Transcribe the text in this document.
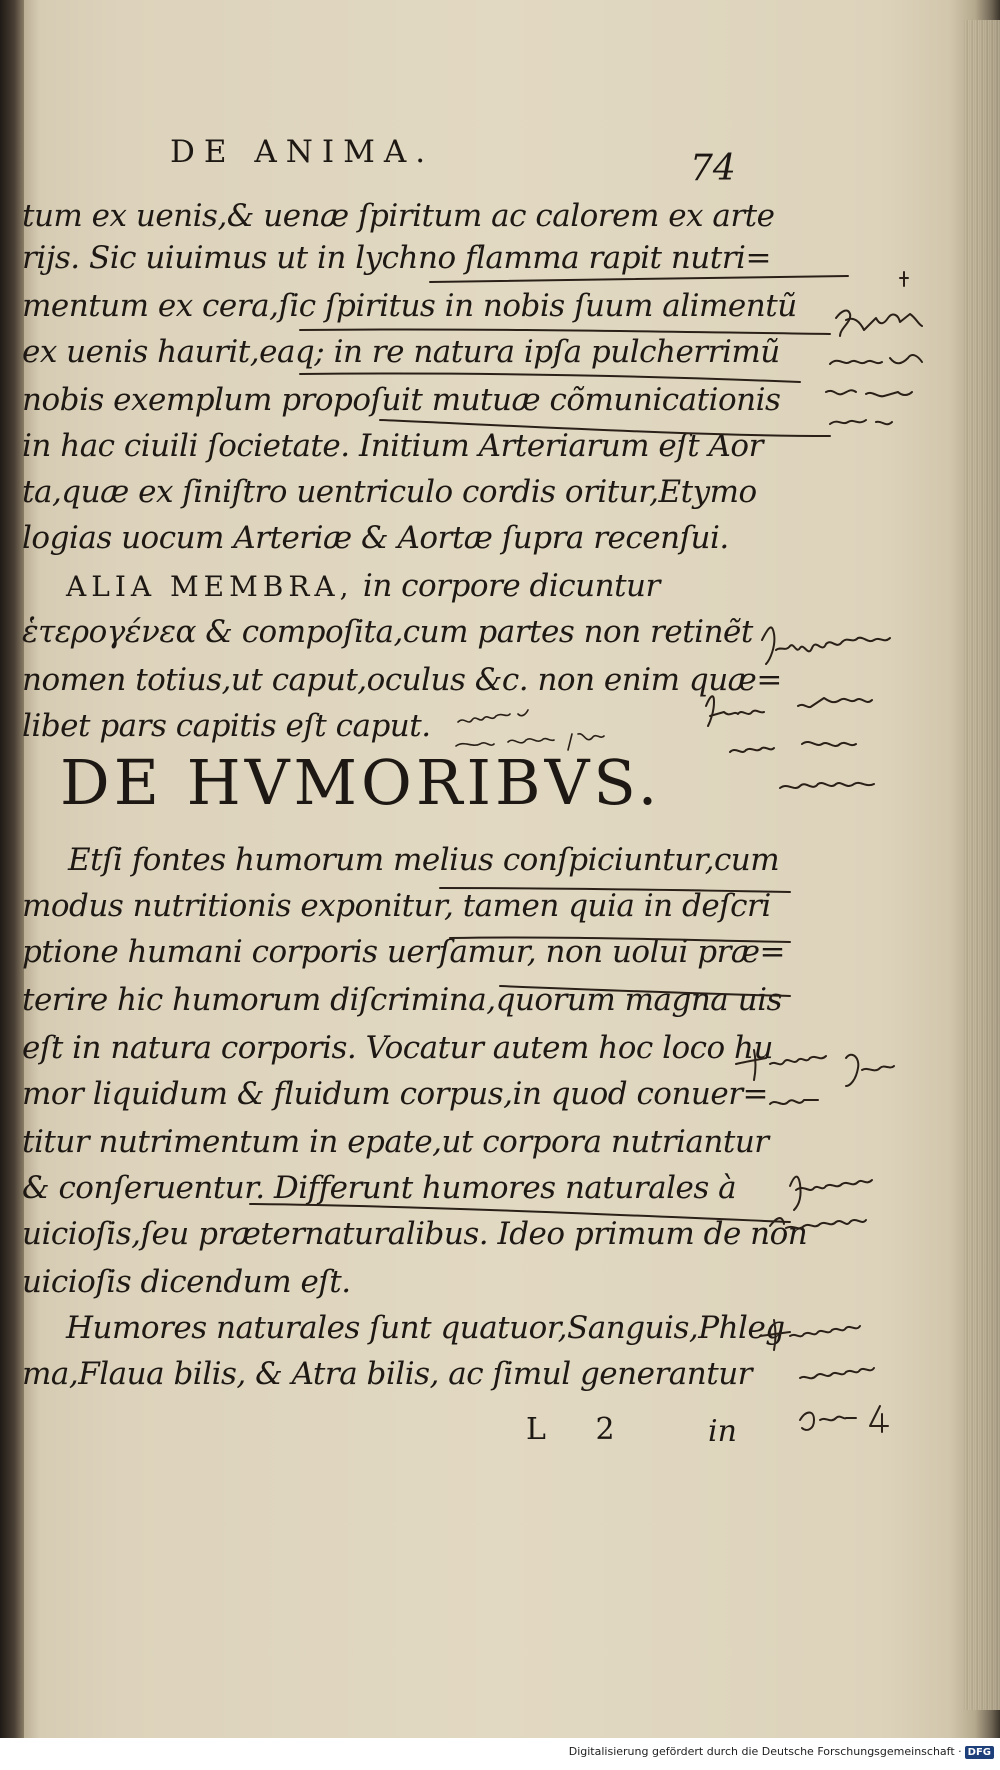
DE ANIMA.	74
tum ex uenis,& uenæ ſpiritum ac calorem ex arte
rijs. Sic uiuimus ut in lychno flamma rapit nutri=
mentum ex cera,ſic ſpiritus in nobis ſuum alimentũ
ex uenis haurit,eaq; in re natura ipſa pulcherrimũ
nobis exemplum propoſuit mutuæ cõmunicationis
in hac ciuili ſocietate. Initium Arteriarum eſt Aor
ta,quæ ex ſiniſtro uentriculo cordis oritur,Etymo
logias uocum Arteriæ & Aortæ ſupra recenſui.
ALIA MEMBRA, in corpore dicuntur
ἑτερογένεα & compoſita,cum partes non retinẽt
nomen totius,ut caput,oculus &c. non enim quæ=
libet pars capitis eſt caput.
DE HVMORIBVS.
Etſi fontes humorum melius conſpiciuntur,cum
modus nutritionis exponitur, tamen quia in deſcri
ptione humani corporis uerſamur, non uolui præ=
terire hic humorum diſcrimina,quorum magna uis
eſt in natura corporis. Vocatur autem hoc loco hu
mor liquidum & fluidum corpus,in quod conuer=
titur nutrimentum in epate,ut corpora nutriantur
& conſeruentur. Differunt humores naturales à
uicioſis,ſeu præternaturalibus. Ideo primum de non
uicioſis dicendum eſt.
Humores naturales ſunt quatuor,Sanguis,Phleg
ma,Flaua bilis, & Atra bilis, ac ſimul generantur
L 2 in
Digitalisierung gefördert durch die Deutsche Forschungsgemeinschaft · DFG
